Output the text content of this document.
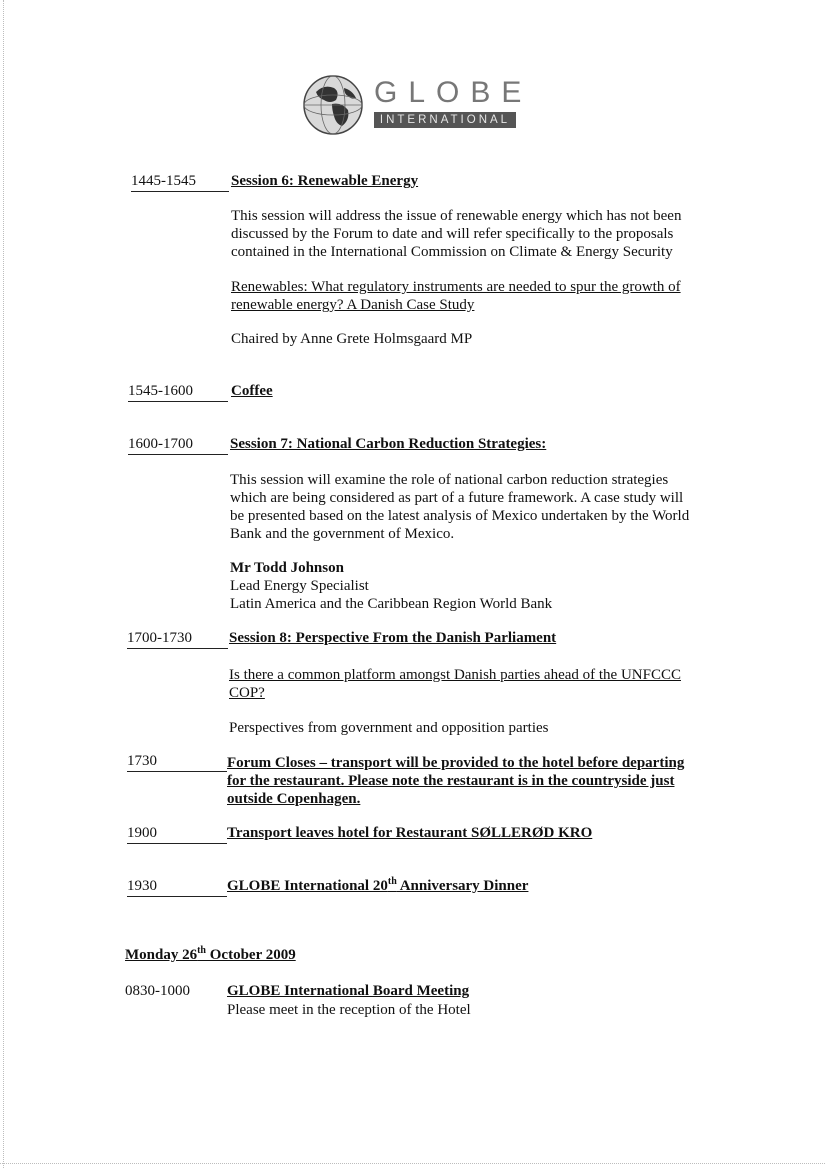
GLOBE
INTERNATIONAL
1445-1545	Session 6: Renewable Energy
This session will address the issue of renewable energy which has not been
discussed by the Forum to date and will refer specifically to the proposals
contained in the International Commission on Climate & Energy Security
Renewables: What regulatory instruments are needed to spur the growth of
renewable energy? A Danish Case Study
Chaired by Anne Grete Holmsgaard MP
1545-1600	Coffee
1600-1700	Session 7: National Carbon Reduction Strategies:
This session will examine the role of national carbon reduction strategies
which are being considered as part of a future framework. A case study will
be presented based on the latest analysis of Mexico undertaken by the World
Bank and the government of Mexico.
Mr Todd Johnson
Lead Energy Specialist
Latin America and the Caribbean Region World Bank
1700-1730	Session 8: Perspective From the Danish Parliament
Is there a common platform amongst Danish parties ahead of the UNFCCC
COP?
Perspectives from government and opposition parties
1730	Forum Closes – transport will be provided to the hotel before departing
for the restaurant. Please note the restaurant is in the countryside just
outside Copenhagen.
1900	Transport leaves hotel for Restaurant SØLLERØD KRO
1930	GLOBE International 20th Anniversary Dinner
Monday 26th October 2009
0830-1000 GLOBE International Board Meeting
Please meet in the reception of the Hotel
